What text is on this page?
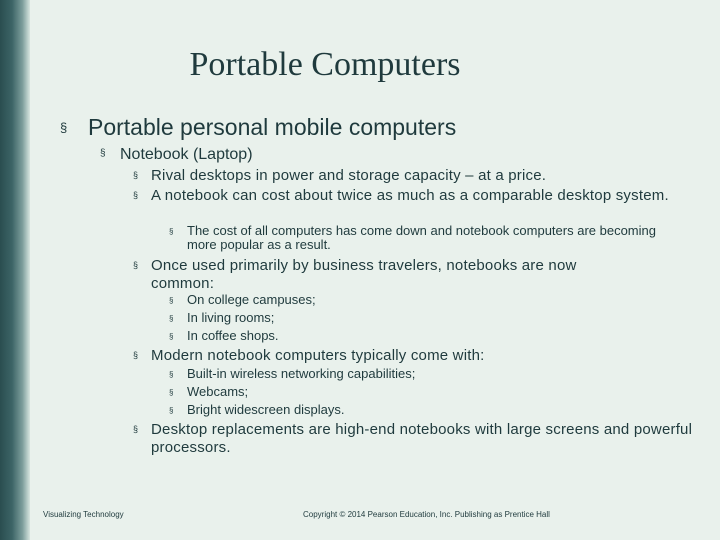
Portable Computers
§ Portable personal mobile computers
§ Notebook (Laptop)
§ Rival desktops in power and storage capacity – at a price.
§ A notebook can cost about twice as much as a comparable desktop system.
§ The cost of all computers has come down and notebook computers are becoming more popular as a result.
§ Once used primarily by business travelers, notebooks are now common:
§ On college campuses;
§ In living rooms;
§ In coffee shops.
§ Modern notebook computers typically come with:
§ Built-in wireless networking capabilities;
§ Webcams;
§ Bright widescreen displays.
§ Desktop replacements are high-end notebooks with large screens and powerful processors.
Visualizing Technology	Copyright © 2014 Pearson Education, Inc. Publishing as Prentice Hall
